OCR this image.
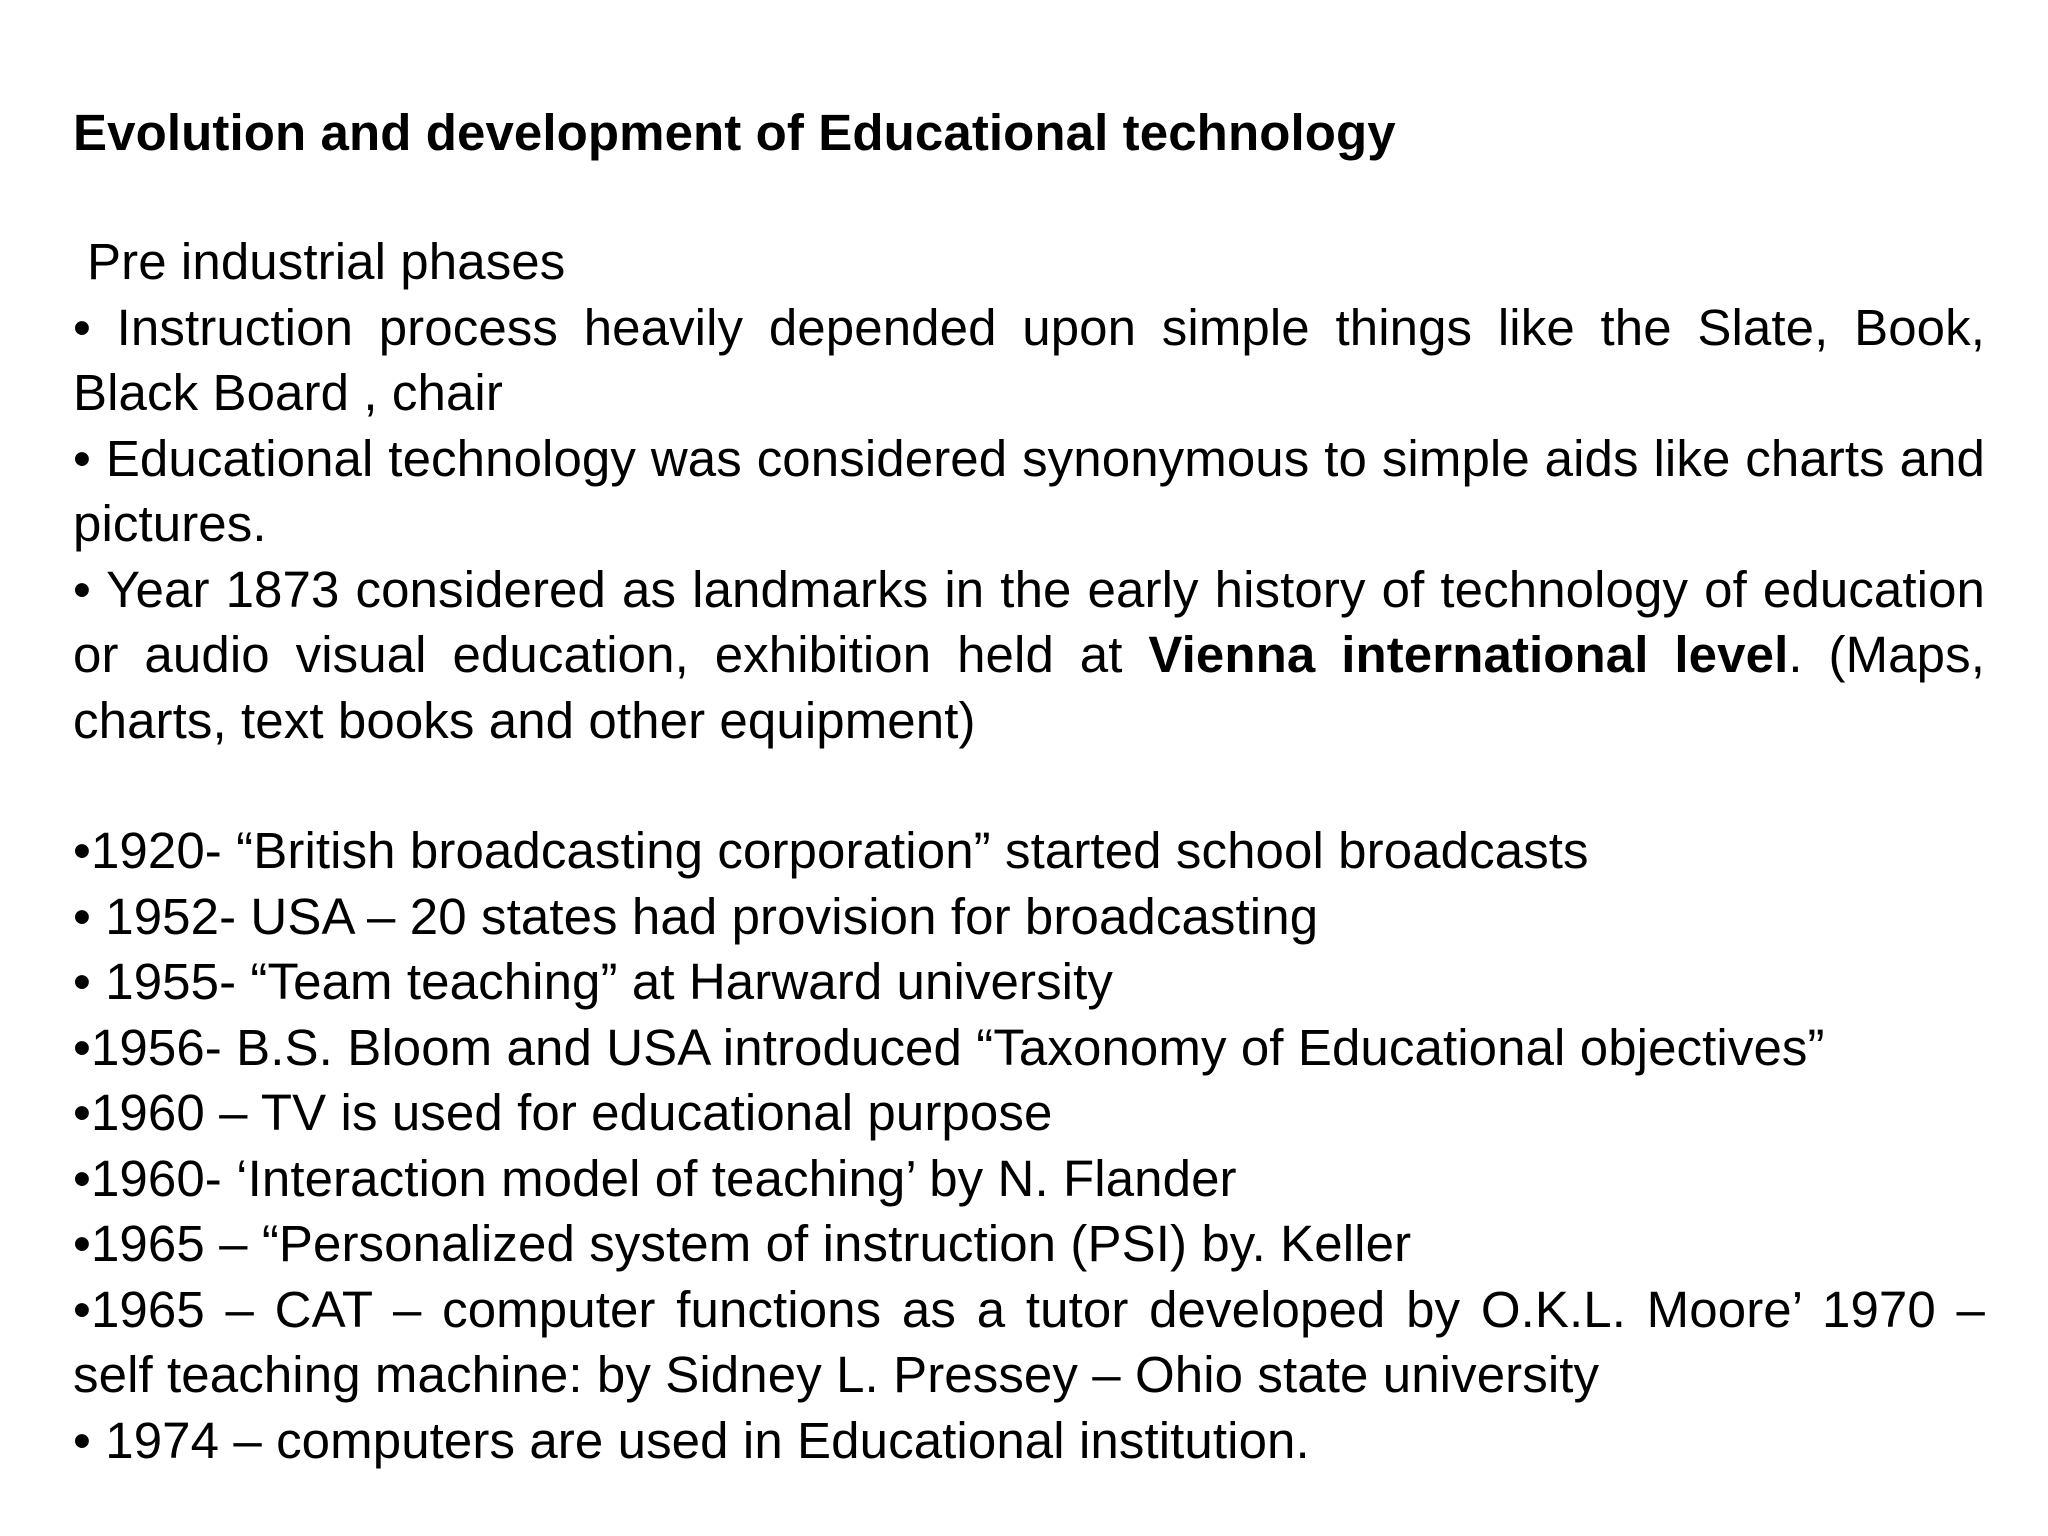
Evolution and development of Educational technology

Pre industrial phases

• Instruction process heavily depended upon simple things like the Slate, Book, Black Board , chair

• Educational technology was considered synonymous to simple aids like charts and pictures.

• Year 1873 considered as landmarks in the early history of technology of education or audio visual education, exhibition held at Vienna international level. (Maps, charts, text books and other equipment)

•1920- “British broadcasting corporation” started school broadcasts

• 1952- USA – 20 states had provision for broadcasting

• 1955- “Team teaching” at Harward university

•1956- B.S. Bloom and USA introduced “Taxonomy of Educational objectives”

•1960 – TV is used for educational purpose

•1960- ‘Interaction model of teaching’ by N. Flander

•1965 – “Personalized system of instruction (PSI) by. Keller

•1965 – CAT – computer functions as a tutor developed by O.K.L. Moore’ 1970 – self teaching machine: by Sidney L. Pressey – Ohio state university

• 1974 – computers are used in Educational institution.
